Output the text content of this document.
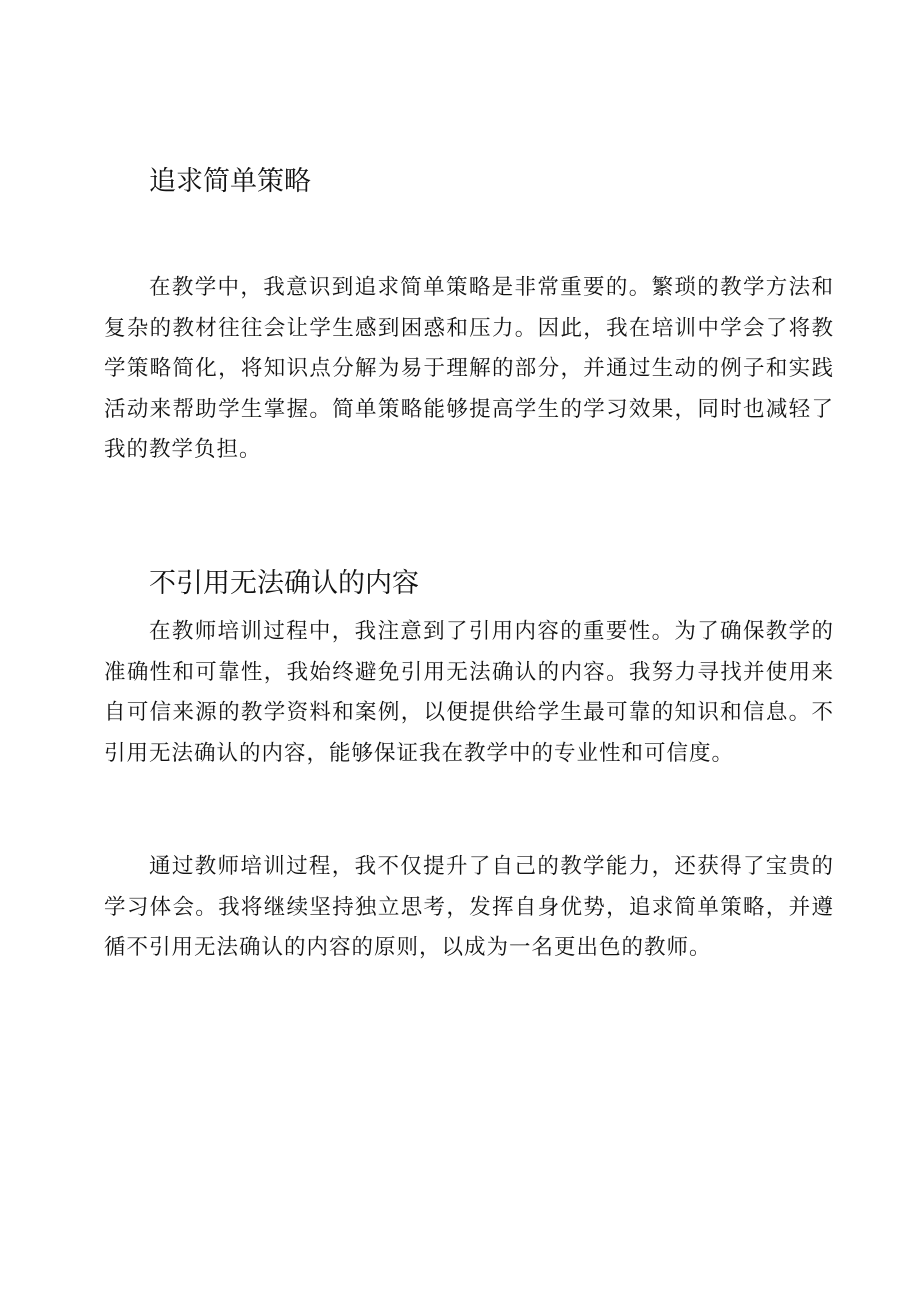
追求简单策略

在教学中，我意识到追求简单策略是非常重要的。繁琐的教学方法和复杂的教材往往会让学生感到困惑和压力。因此，我在培训中学会了将教学策略简化，将知识点分解为易于理解的部分，并通过生动的例子和实践活动来帮助学生掌握。简单策略能够提高学生的学习效果，同时也减轻了我的教学负担。

不引用无法确认的内容

在教师培训过程中，我注意到了引用内容的重要性。为了确保教学的准确性和可靠性，我始终避免引用无法确认的内容。我努力寻找并使用来自可信来源的教学资料和案例，以便提供给学生最可靠的知识和信息。不引用无法确认的内容，能够保证我在教学中的专业性和可信度。

通过教师培训过程，我不仅提升了自己的教学能力，还获得了宝贵的学习体会。我将继续坚持独立思考，发挥自身优势，追求简单策略，并遵循不引用无法确认的内容的原则，以成为一名更出色的教师。
